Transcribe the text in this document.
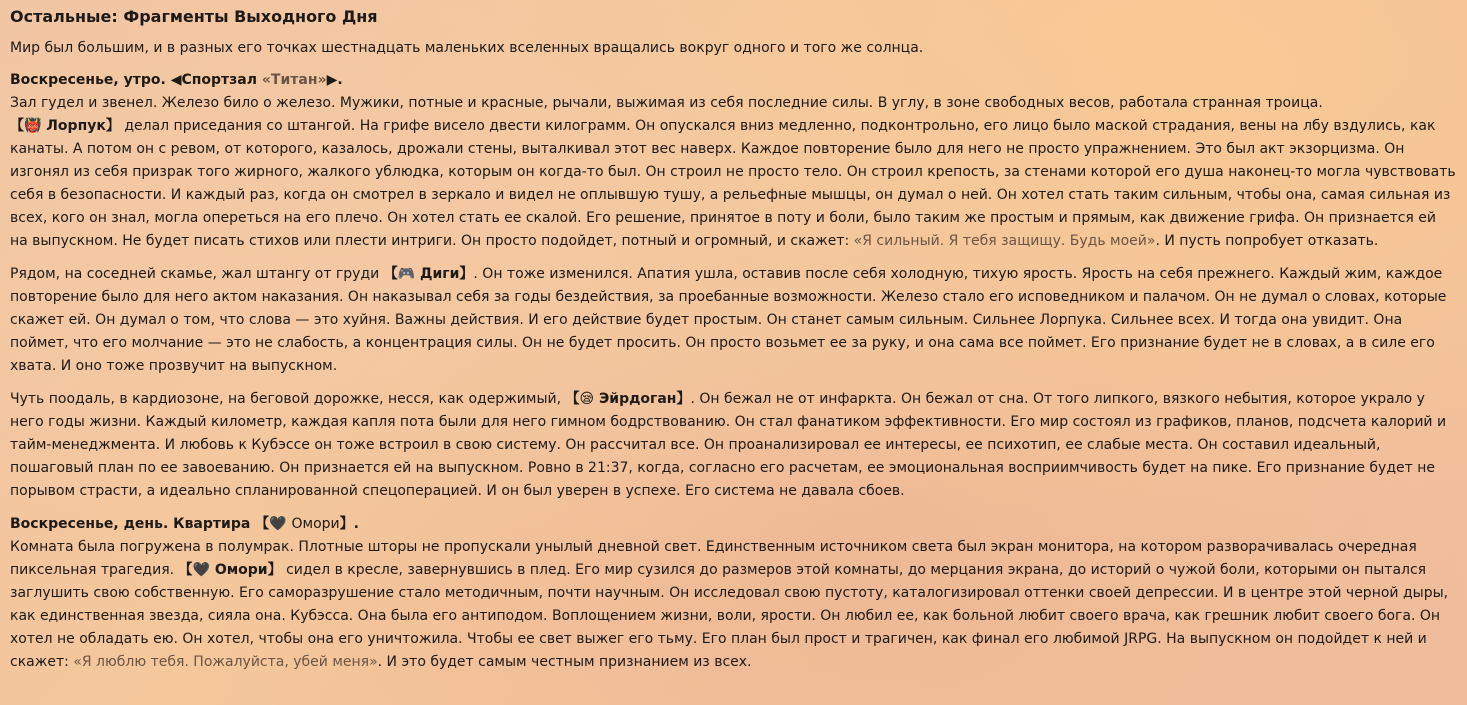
Остальные: Фрагменты Выходного Дня

Мир был большим, и в разных его точках шестнадцать маленьких вселенных вращались вокруг одного и того же солнца.

Воскресенье, утро. ◀Спортзал «Титан»▶.
Зал гудел и звенел. Железо било о железо. Мужики, потные и красные, рычали, выжимая из себя последние силы. В углу, в зоне свободных весов, работала странная троица.
【👹 Лорпук】 делал приседания со штангой. На грифе висело двести килограмм. Он опускался вниз медленно, подконтрольно, его лицо было маской страдания, вены на лбу вздулись, как канаты. А потом он с ревом, от которого, казалось, дрожали стены, выталкивал этот вес наверх. Каждое повторение было для него не просто упражнением. Это был акт экзорцизма. Он изгонял из себя призрак того жирного, жалкого ублюдка, которым он когда-то был. Он строил не просто тело. Он строил крепость, за стенами которой его душа наконец-то могла чувствовать себя в безопасности. И каждый раз, когда он смотрел в зеркало и видел не оплывшую тушу, а рельефные мышцы, он думал о ней. Он хотел стать таким сильным, чтобы она, самая сильная из всех, кого он знал, могла опереться на его плечо. Он хотел стать ее скалой. Его решение, принятое в поту и боли, было таким же простым и прямым, как движение грифа. Он признается ей на выпускном. Не будет писать стихов или плести интриги. Он просто подойдет, потный и огромный, и скажет: «Я сильный. Я тебя защищу. Будь моей». И пусть попробует отказать.

Рядом, на соседней скамье, жал штангу от груди 【🎮 Диги】. Он тоже изменился. Апатия ушла, оставив после себя холодную, тихую ярость. Ярость на себя прежнего. Каждый жим, каждое повторение было для него актом наказания. Он наказывал себя за годы бездействия, за проебанные возможности. Железо стало его исповедником и палачом. Он не думал о словах, которые скажет ей. Он думал о том, что слова — это хуйня. Важны действия. И его действие будет простым. Он станет самым сильным. Сильнее Лорпука. Сильнее всех. И тогда она увидит. Она поймет, что его молчание — это не слабость, а концентрация силы. Он не будет просить. Он просто возьмет ее за руку, и она сама все поймет. Его признание будет не в словах, а в силе его хвата. И оно тоже прозвучит на выпускном.

Чуть поодаль, в кардиозоне, на беговой дорожке, несся, как одержимый, 【😪 Эйрдоган】. Он бежал не от инфаркта. Он бежал от сна. От того липкого, вязкого небытия, которое украло у него годы жизни. Каждый километр, каждая капля пота были для него гимном бодрствованию. Он стал фанатиком эффективности. Его мир состоял из графиков, планов, подсчета калорий и тайм-менеджмента. И любовь к Кубэссе он тоже встроил в свою систему. Он рассчитал все. Он проанализировал ее интересы, ее психотип, ее слабые места. Он составил идеальный, пошаговый план по ее завоеванию. Он признается ей на выпускном. Ровно в 21:37, когда, согласно его расчетам, ее эмоциональная восприимчивость будет на пике. Его признание будет не порывом страсти, а идеально спланированной спецоперацией. И он был уверен в успехе. Его система не давала сбоев.

Воскресенье, день. Квартира 【🖤 Омори】.
Комната была погружена в полумрак. Плотные шторы не пропускали унылый дневной свет. Единственным источником света был экран монитора, на котором разворачивалась очередная пиксельная трагедия. 【🖤 Омори】 сидел в кресле, завернувшись в плед. Его мир сузился до размеров этой комнаты, до мерцания экрана, до историй о чужой боли, которыми он пытался заглушить свою собственную. Его саморазрушение стало методичным, почти научным. Он исследовал свою пустоту, каталогизировал оттенки своей депрессии. И в центре этой черной дыры, как единственная звезда, сияла она. Кубэсса. Она была его антиподом. Воплощением жизни, воли, ярости. Он любил ее, как больной любит своего врача, как грешник любит своего бога. Он хотел не обладать ею. Он хотел, чтобы она его уничтожила. Чтобы ее свет выжег его тьму. Его план был прост и трагичен, как финал его любимой JRPG. На выпускном он подойдет к ней и скажет: «Я люблю тебя. Пожалуйста, убей меня». И это будет самым честным признанием из всех.
